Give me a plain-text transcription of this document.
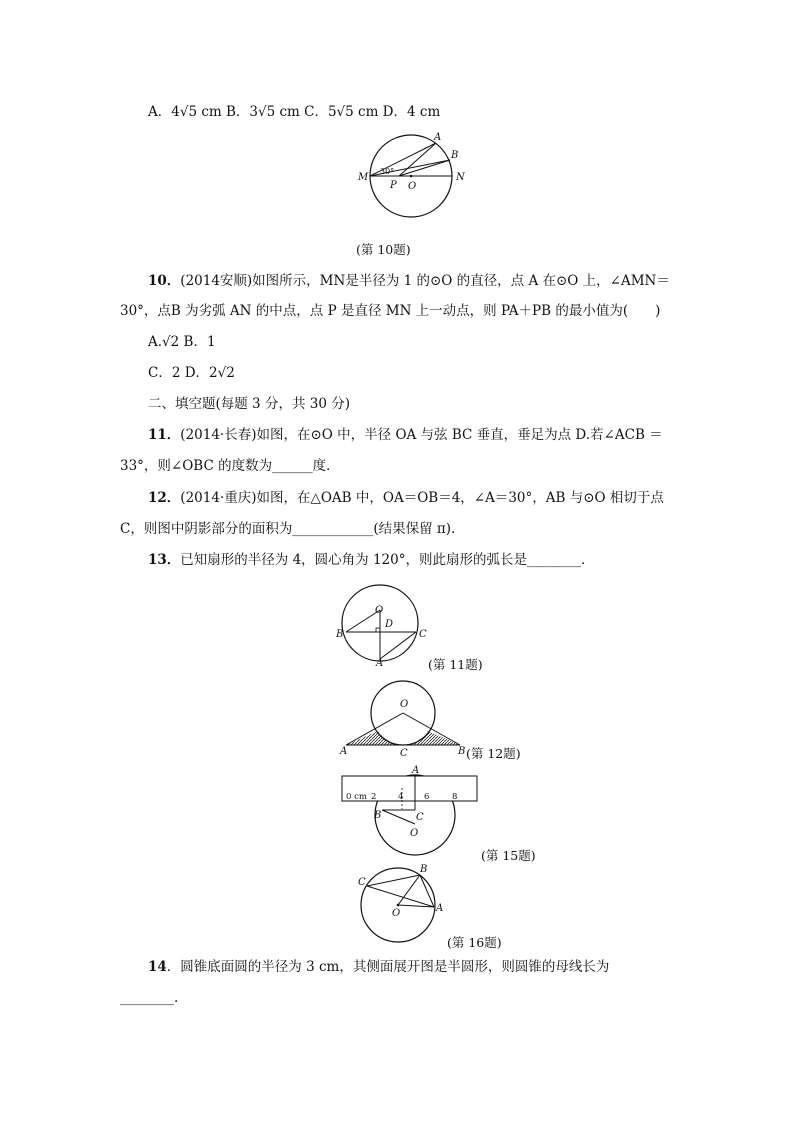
A．4√5 cm B．3√5 cm C．5√5 cm D．4 cm
M	N
A
B
P O
30°
(第 10题)
10．(2014安顺)如图所示，MN是半径为 1 的⊙O 的直径，点 A 在⊙O 上，∠AMN＝
30°，点B 为劣弧 AN 的中点，点 P 是直径 MN 上一动点，则 PA＋PB 的最小值为(　　)
A.√2 B．1
C．2 D．2√2
二、填空题(每题 3 分，共 30 分)
11．(2014·长春)如图，在⊙O 中，半径 OA 与弦 BC 垂直，垂足为点 D.若∠ACB ＝
33°，则∠OBC 的度数为______度．
12．(2014·重庆)如图，在△OAB 中，OA＝OB＝4，∠A＝30°，AB 与⊙O 相切于点
C，则图中阴影部分的面积为____________(结果保留 π).
13．已知扇形的半径为 4，圆心角为 120°，则此扇形的弧长是________．
O
B	C
D
A	(第 11题)
O
A	C	B (第 12题)
A
B	C
O
0 cm 2	4 6	8
(第 15题)
B
C
O	A
(第 16题)
14．圆锥底面圆的半径为 3 cm，其侧面展开图是半圆形，则圆锥的母线长为
________.
